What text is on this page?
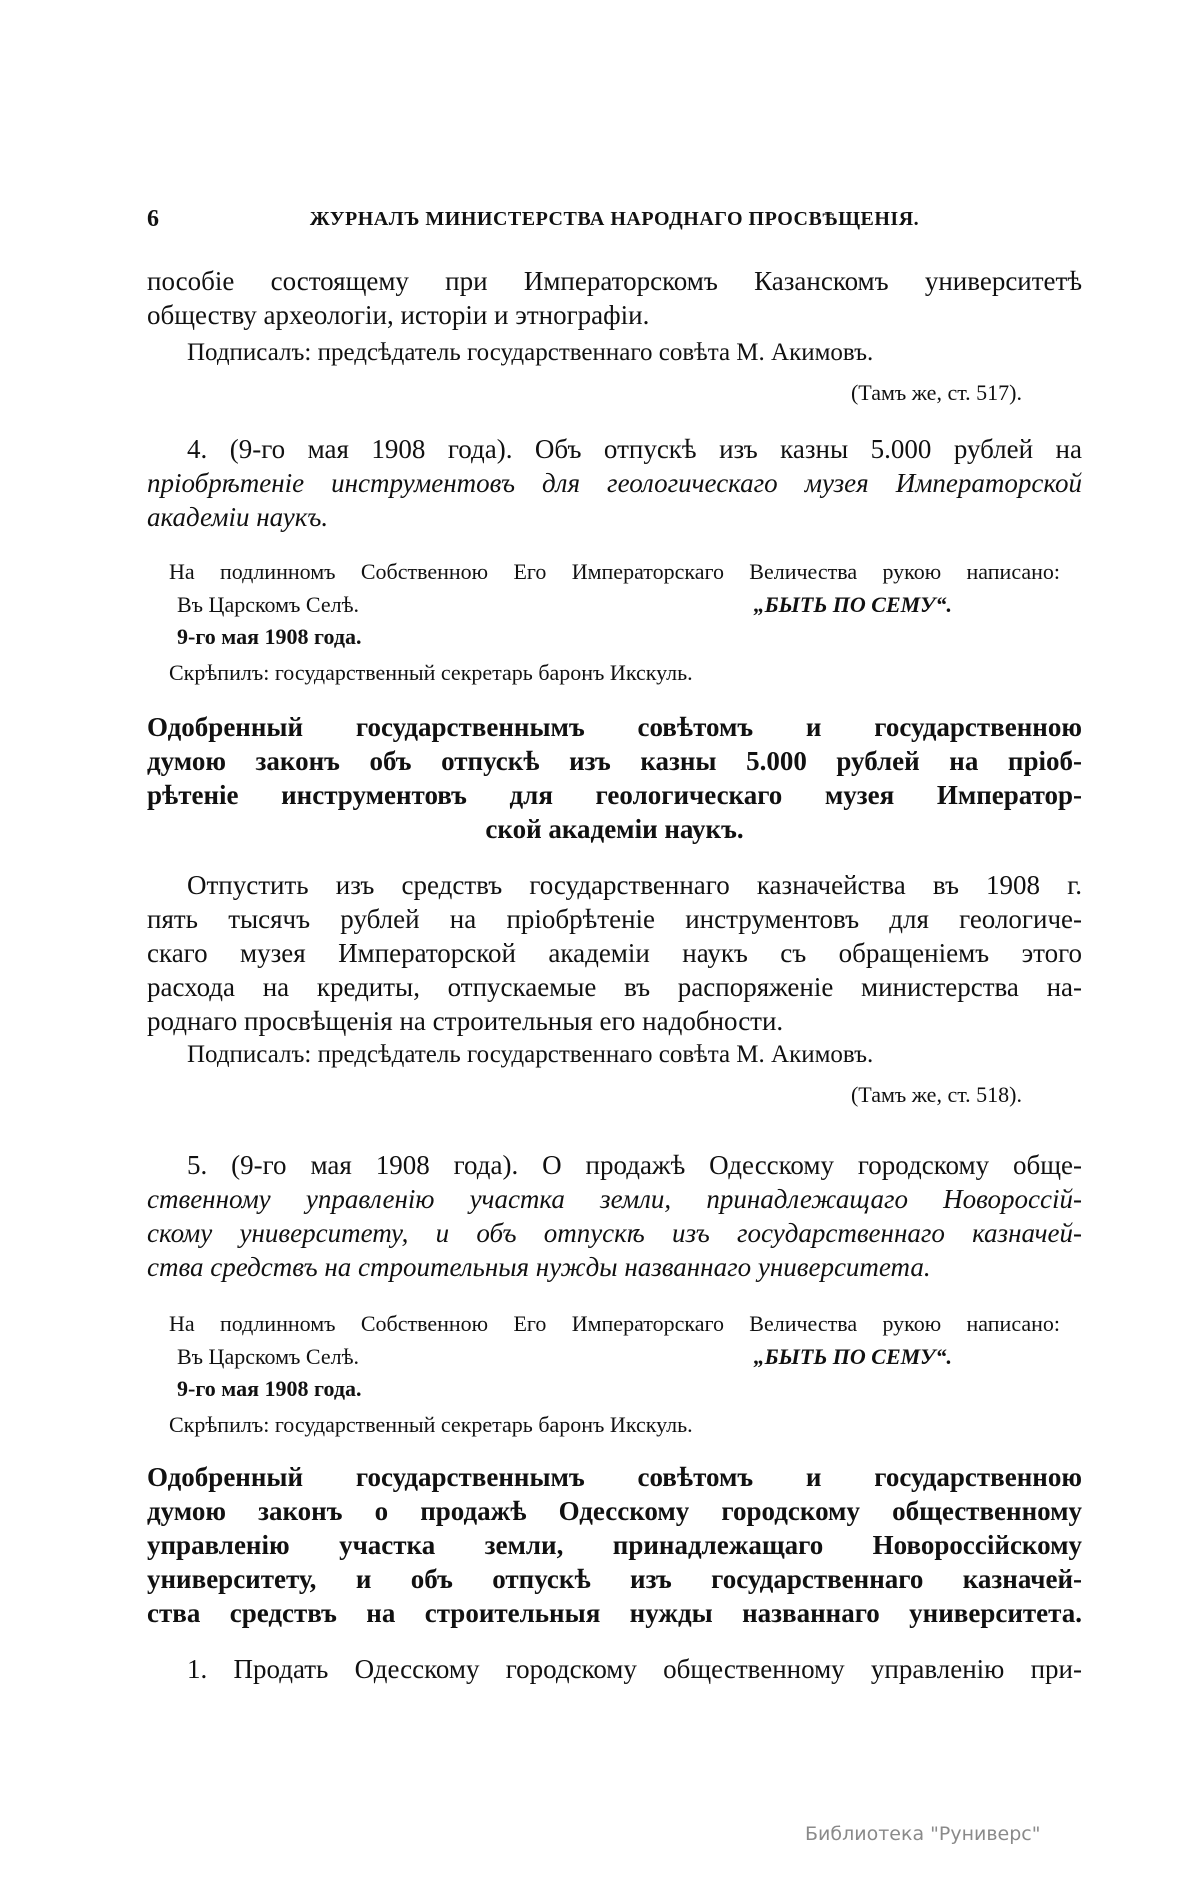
6	ЖУРНАЛЪ МИНИСТЕРСТВА НАРОДНАГО ПРОСВѢЩЕНІЯ.
пособіе состоящему при Императорскомъ Казанскомъ университетѣ
обществу археологіи, исторіи и этнографіи.
Подписалъ: предсѣдатель государственнаго совѣта М. Акимовъ.
(Тамъ же, ст. 517).
4. (9-го мая 1908 года). Объ отпускѣ изъ казны 5.000 рублей на
пріобрѣтеніе инструментовъ для геологическаго музея Императорской
академіи наукъ.
На подлинномъ Собственною Его Императорскаго Величества рукою написано:
Въ Царскомъ Селѣ.	„БЫТЬ ПО СЕМУ“.
9-го мая 1908 года.
Скрѣпилъ: государственный секретарь баронъ Икскуль.
Одобренный государственнымъ совѣтомъ и государственною
думою законъ объ отпускѣ изъ казны 5.000 рублей на пріоб-
рѣтеніе инструментовъ для геологическаго музея Император-
ской академіи наукъ.
Отпустить изъ средствъ государственнаго казначейства въ 1908 г.
пять тысячъ рублей на пріобрѣтеніе инструментовъ для геологиче-
скаго музея Императорской академіи наукъ съ обращеніемъ этого
расхода на кредиты, отпускаемые въ распоряженіе министерства на-
роднаго просвѣщенія на строительныя его надобности.
Подписалъ: предсѣдатель государственнаго совѣта М. Акимовъ.
(Тамъ же, ст. 518).
5. (9-го мая 1908 года). О продажѣ Одесскому городскому обще-
ственному управленію участка земли, принадлежащаго Новороссій-
скому университету, и объ отпускѣ изъ государственнаго казначей-
ства средствъ на строительныя нужды названнаго университета.
На подлинномъ Собственною Его Императорскаго Величества рукою написано:
Въ Царскомъ Селѣ.	„БЫТЬ ПО СЕМУ“.
9-го мая 1908 года.
Скрѣпилъ: государственный секретарь баронъ Икскуль.
Одобренный государственнымъ совѣтомъ и государственною
думою законъ о продажѣ Одесскому городскому общественному
управленію участка земли, принадлежащаго Новороссійскому
университету, и объ отпускѣ изъ государственнаго казначей-
ства средствъ на строительныя нужды названнаго университета.
1. Продать Одесскому городскому общественному управленію при-
Библиотека "Руниверс"
